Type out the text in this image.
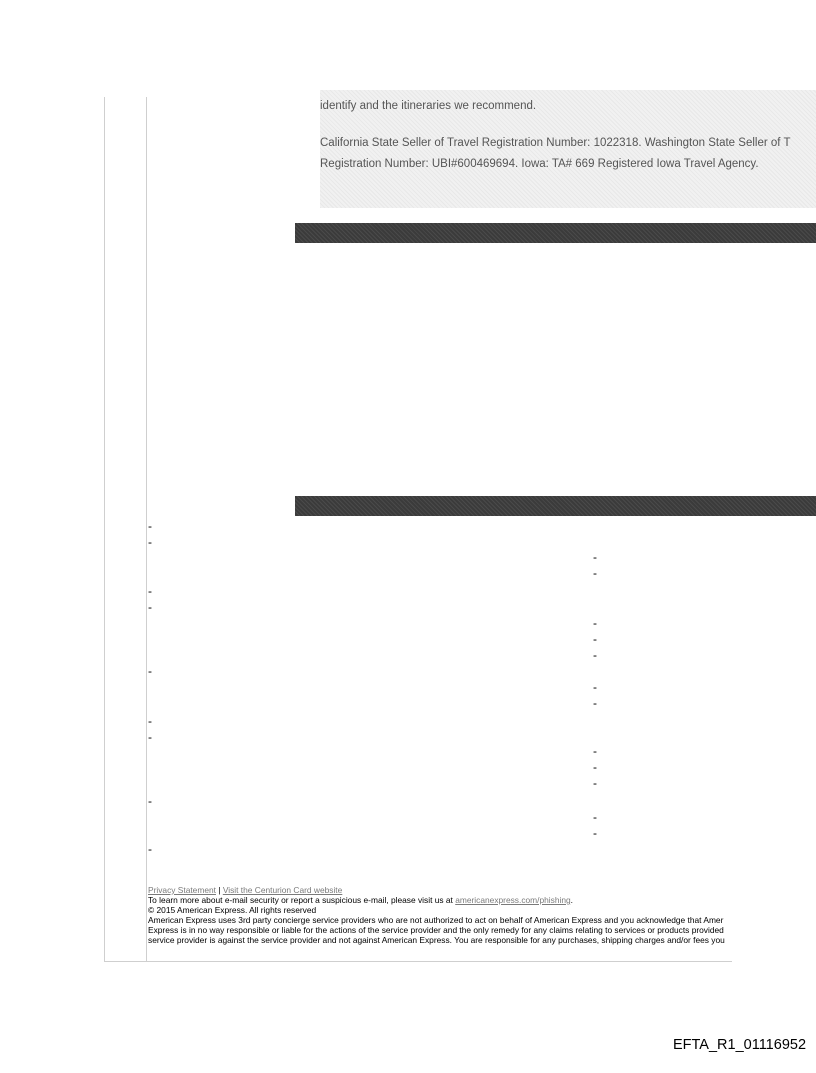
identify and the itineraries we recommend.

California State Seller of Travel Registration Number: 1022318. Washington State Seller of T

Registration Number: UBI#600469694. Iowa: TA# 669 Registered Iowa Travel Agency.

-
-
-
-
-
-
-
-
-
-
-
-
-
-
-
-
-
-
-
-
-
Privacy Statement | Visit the Centurion Card website
To learn more about e-mail security or report a suspicious e-mail, please visit us at americanexpress.com/phishing.
© 2015 American Express. All rights reserved
American Express uses 3rd party concierge service providers who are not authorized to act on behalf of American Express and you acknowledge that Amer
Express is in no way responsible or liable for the actions of the service provider and the only remedy for any claims relating to services or products provided
service provider is against the service provider and not against American Express. You are responsible for any purchases, shipping charges and/or fees you
EFTA_R1_01116952
